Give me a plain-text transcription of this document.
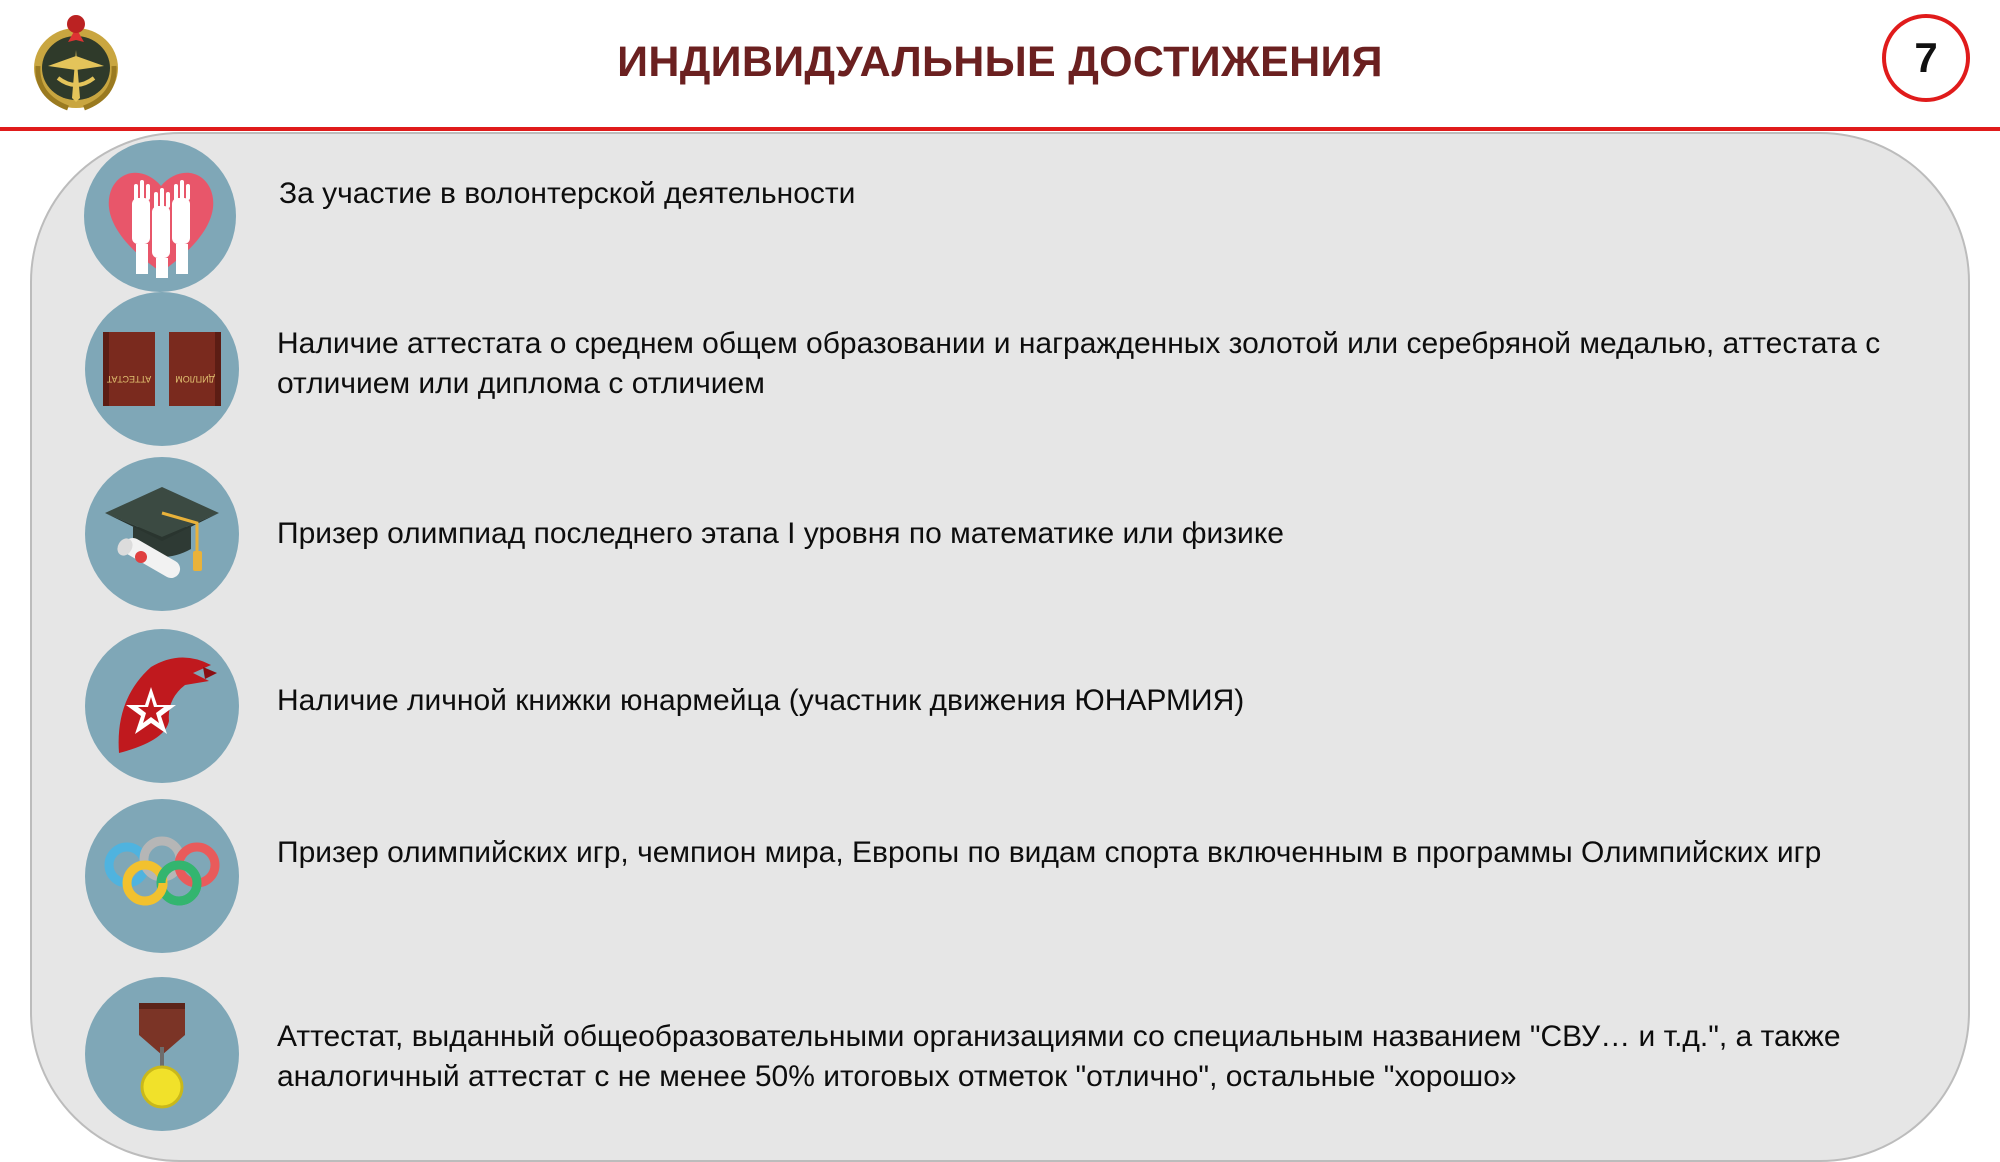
ИНДИВИДУАЛЬНЫЕ ДОСТИЖЕНИЯ	7
За участие в волонтерской деятельности
АТТЕСТАТ	ДИПЛОМ
Наличие аттестата о среднем общем образовании и награжденных золотой или серебряной медалью, аттестата с отличием или диплома с отличием
Призер олимпиад последнего этапа I уровня по математике или физике
Наличие личной книжки юнармейца (участник движения ЮНАРМИЯ)
Призер олимпийских игр, чемпион мира, Европы по видам спорта включенным в программы Олимпийских игр
Аттестат, выданный общеобразовательными организациями со специальным названием "СВУ… и т.д.", а также аналогичный аттестат с не менее 50% итоговых отметок "отлично", остальные "хорошо»
